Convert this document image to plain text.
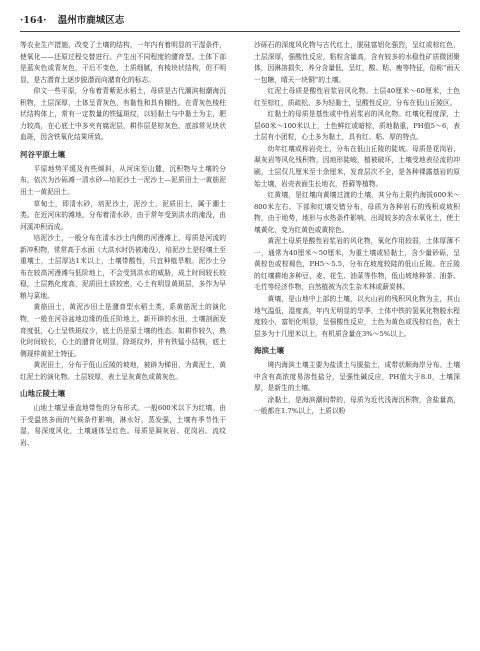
·164· 温州市鹿城区志

等农业生产措施，改变了土壤的结构，一年内有着明显的干湿条件，使氧化——还原过程交替进行。产生出不同程度的潴育型。土体下部是蓝灰色或青灰色，干后不变色，土质细腻，有棱块状结构，但不明显，是古潜育土逐步脱潜而向潴育化的标志。

仰文一些平原，分布着青紫泥水稻土，母质是古代潮滨相潮海沉积物，土层深厚，土体呈青灰色，有黏性和具有棚性。在青灰色棱柱状结构体上，常有一定数量的铁锰斑纹，以轻黏土与中黏土为主，肥力较高，在心底土中多夹有腐泥层，耕作层是棕灰色，底部常见块状血斑，因含铁氧化结果所致。

河谷平原土壤

平原地势平缓及有些倾斜，从河床至山麓，沉积物与土壤的分布，依次为沙砾滩一清水砂—培泥沙土一泥沙土—泥质田土一黄筋泥田土一黄泥田土。

草甸土，即清水砂，培泥沙土，泥沙土，泥质田土，属于潮土类。在近河床的滩地，分布着清水砂，由于常年受到洪水的淹没，由河溪冲积而成。

培泥沙土，一般分布在清水沙土内侧的河漫滩上，母质是河流的新冲积物，常常高于水面（大洪水时仍被淹没），培泥沙土是轻壤土至重壤土，土层厚达1米以上，土壤带酸性，只宜种植旱粮。泥沙土分布在较高河漫滩与低阶地上，不会受到洪水的威胁，成土时间较长较稳，土层熟化度高，泥质田土质较密，心土有明显黄斑层，多作为早粮与菜地。

黄筋田土，黄泥沙田土是潴育型水稻土类，系黄筋泥土的演化物，一般在河谷盆地边缘的低丘阶地上。新开辟的水田，土壤剖面发育度低，心土呈铁斑纹少，底土仍是原土壤的性态。如耕作较久，熟化时间较长，心土的潴育化明显，除斑纹外，并有铁锰小结核，底土侧现样黄泥土特征。

黄泥田土，分布于低山丘陵的坡地，被辟为梯田，为黄泥土，黄红泥土的演化物。土层较厚，表土呈灰黄色或黄灰色。

山地丘陵土壤

山地土壤呈垂直地带性的分布形式。一般600米以下为红壤。由于受温热多雨的气候条件影响，淋水好，蒸发强，土壤有季节性干湿，易深度风化，土壤通体呈红色。母质是凝灰岩、花岗岩、流纹岩、

沙砾石的深度风化物与古代红土，脱硅富铝化强烈，呈红或棕红色，土层深厚，强酸性反应，粘粒含量高，含有较多的水稳性矿质微团聚体，因淋溶损失，养分含量低，呈红，酸、粘、瘦等特征，俗称“雨天一包糖，晴天一块铜”的土壤。

红泥土母质是酸性岩浆岩风化物。土层40厘米～60厘米，土色红至棕红，质疏松，多为轻黏土，呈酸性反应，分布在低山丘陵区。

红黏土的母质是基性或中性岩浆岩的风化物。红壤化程度深，土层60米～100米以上，土色鲜红或暗棕，质地黏重，PH值5～6，表土层有小团粒，心土多为黏土，具有红、粘、厚的特点。

幼年红壤或称岩壳土，分布在低山丘陵的陡坡。母质是花岗岩，凝灰岩等风化残积物，因地形陡峻，植被破坏，土壤受地表径流的冲刷，土层仅几厘米至十余厘米，发育层次不全，是各种裸露基岩的原始土壤，岩壳表面生长地衣，苔藓等植物。

红黄壤，是红壤向黄壤过渡的土壤，其分布上限约海拔600米～800米左右。下部和红壤交错分布，母质为各种岩石的残积或坡积物，由于地势，地形与水热条件影响，出现较多的含水氧化土，使土壤黄化，变为红黄色或黄棕色。

黄泥土母质是酸性岩浆岩的风化物，氧化作用较弱，土体厚薄不一，通常为40厘米～50厘米，为重土壤或轻黏土，含少量砂砾，呈黄棕色或棕褐色，PH5～5.5，分布在坡度较陡的低山丘陵。在丘陵的红壤耕地多种豆、麦、花生、油菜等作物，低山坡地种茶、油茶、毛竹等经济作物，自然植被为次生杂木林或薪炭林。

黄壤，是山地中上部的土壤，以火山岩的残积风化物为主，其山地气温低，湿度高，年内无明显的旱季，土体中铁的氢氧化物脱水程度较小，富铝化明显，呈强酸性反应，土色为黄色或浅棕红色，表土层多为十几厘米以上，有机质含量在3%～5%以上。

海滨土壤

境内海滨土壤主要为盐渍土与脱盐土，成带状顺海岸分布。土壤中含有高浓度易溶性盐分，呈强性碱反应，PH值大于8.0，土壤深厚，是新生的土壤。

涂黏土，是海滨潮间带的，母质为近代浅海沉积物，含盐量高，一般都在1.7%以上，土质以粉
